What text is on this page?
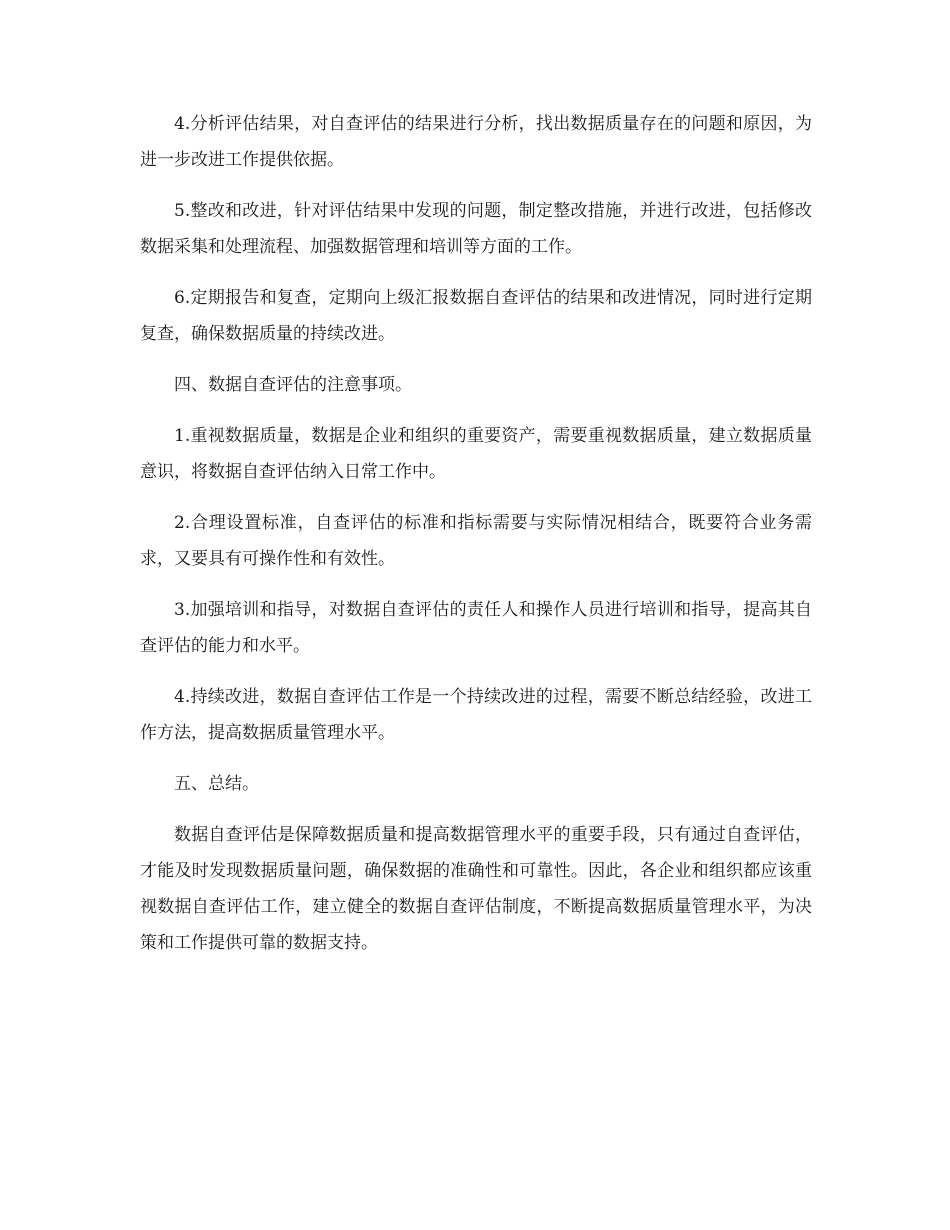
4.分析评估结果，对自查评估的结果进行分析，找出数据质量存在的问题和原因，为进一步改进工作提供依据。

5.整改和改进，针对评估结果中发现的问题，制定整改措施，并进行改进，包括修改数据采集和处理流程、加强数据管理和培训等方面的工作。

6.定期报告和复查，定期向上级汇报数据自查评估的结果和改进情况，同时进行定期复查，确保数据质量的持续改进。

四、数据自查评估的注意事项。

1.重视数据质量，数据是企业和组织的重要资产，需要重视数据质量，建立数据质量意识，将数据自查评估纳入日常工作中。

2.合理设置标准，自查评估的标准和指标需要与实际情况相结合，既要符合业务需求，又要具有可操作性和有效性。

3.加强培训和指导，对数据自查评估的责任人和操作人员进行培训和指导，提高其自查评估的能力和水平。

4.持续改进，数据自查评估工作是一个持续改进的过程，需要不断总结经验，改进工作方法，提高数据质量管理水平。

五、总结。

数据自查评估是保障数据质量和提高数据管理水平的重要手段，只有通过自查评估，才能及时发现数据质量问题，确保数据的准确性和可靠性。因此，各企业和组织都应该重视数据自查评估工作，建立健全的数据自查评估制度，不断提高数据质量管理水平，为决策和工作提供可靠的数据支持。
